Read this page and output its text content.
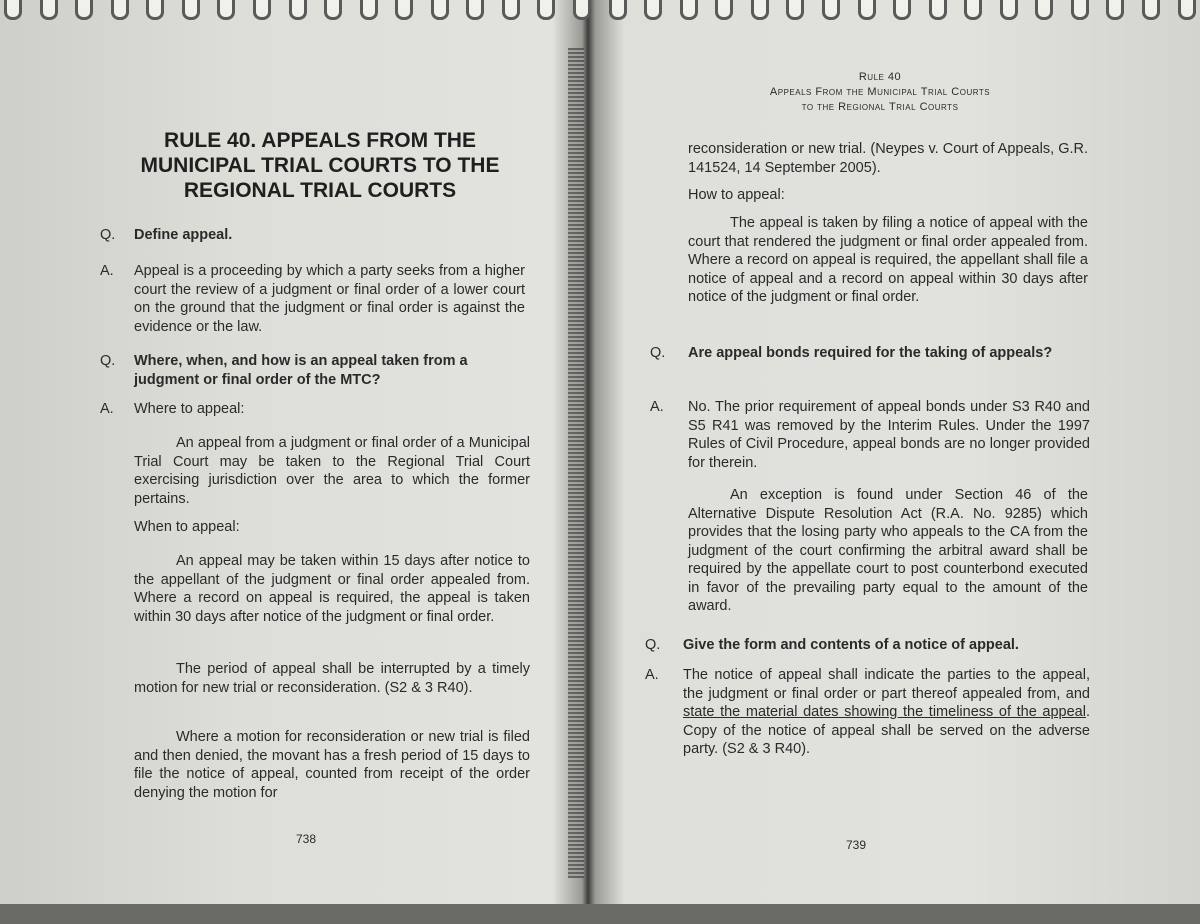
RULE 40. APPEALS FROM THE MUNICIPAL TRIAL COURTS TO THE REGIONAL TRIAL COURTS
Q. Define appeal.
A. Appeal is a proceeding by which a party seeks from a higher court the review of a judgment or final order of a lower court on the ground that the judgment or final order is against the evidence or the law.
Q. Where, when, and how is an appeal taken from a judgment or final order of the MTC?
A. Where to appeal:
An appeal from a judgment or final order of a Municipal Trial Court may be taken to the Regional Trial Court exercising jurisdiction over the area to which the former pertains.
When to appeal:
An appeal may be taken within 15 days after notice to the appellant of the judgment or final order appealed from. Where a record on appeal is required, the appeal is taken within 30 days after notice of the judgment or final order.
The period of appeal shall be interrupted by a timely motion for new trial or reconsideration. (S2 & 3 R40).
Where a motion for reconsideration or new trial is filed and then denied, the movant has a fresh period of 15 days to file the notice of appeal, counted from receipt of the order denying the motion for
738
Rule 40
Appeals From the Municipal Trial Courts
to the Regional Trial Courts
reconsideration or new trial. (Neypes v. Court of Appeals, G.R. 141524, 14 September 2005).
How to appeal:
The appeal is taken by filing a notice of appeal with the court that rendered the judgment or final order appealed from. Where a record on appeal is required, the appellant shall file a notice of appeal and a record on appeal within 30 days after notice of the judgment or final order.
Q. Are appeal bonds required for the taking of appeals?
A. No. The prior requirement of appeal bonds under S3 R40 and S5 R41 was removed by the Interim Rules. Under the 1997 Rules of Civil Procedure, appeal bonds are no longer provided for therein.
An exception is found under Section 46 of the Alternative Dispute Resolution Act (R.A. No. 9285) which provides that the losing party who appeals to the CA from the judgment of the court confirming the arbitral award shall be required by the appellate court to post counterbond executed in favor of the prevailing party equal to the amount of the award.
Q. Give the form and contents of a notice of appeal.
A. The notice of appeal shall indicate the parties to the appeal, the judgment or final order or part thereof appealed from, and state the material dates showing the timeliness of the appeal. Copy of the notice of appeal shall be served on the adverse party. (S2 & 3 R40).
739
